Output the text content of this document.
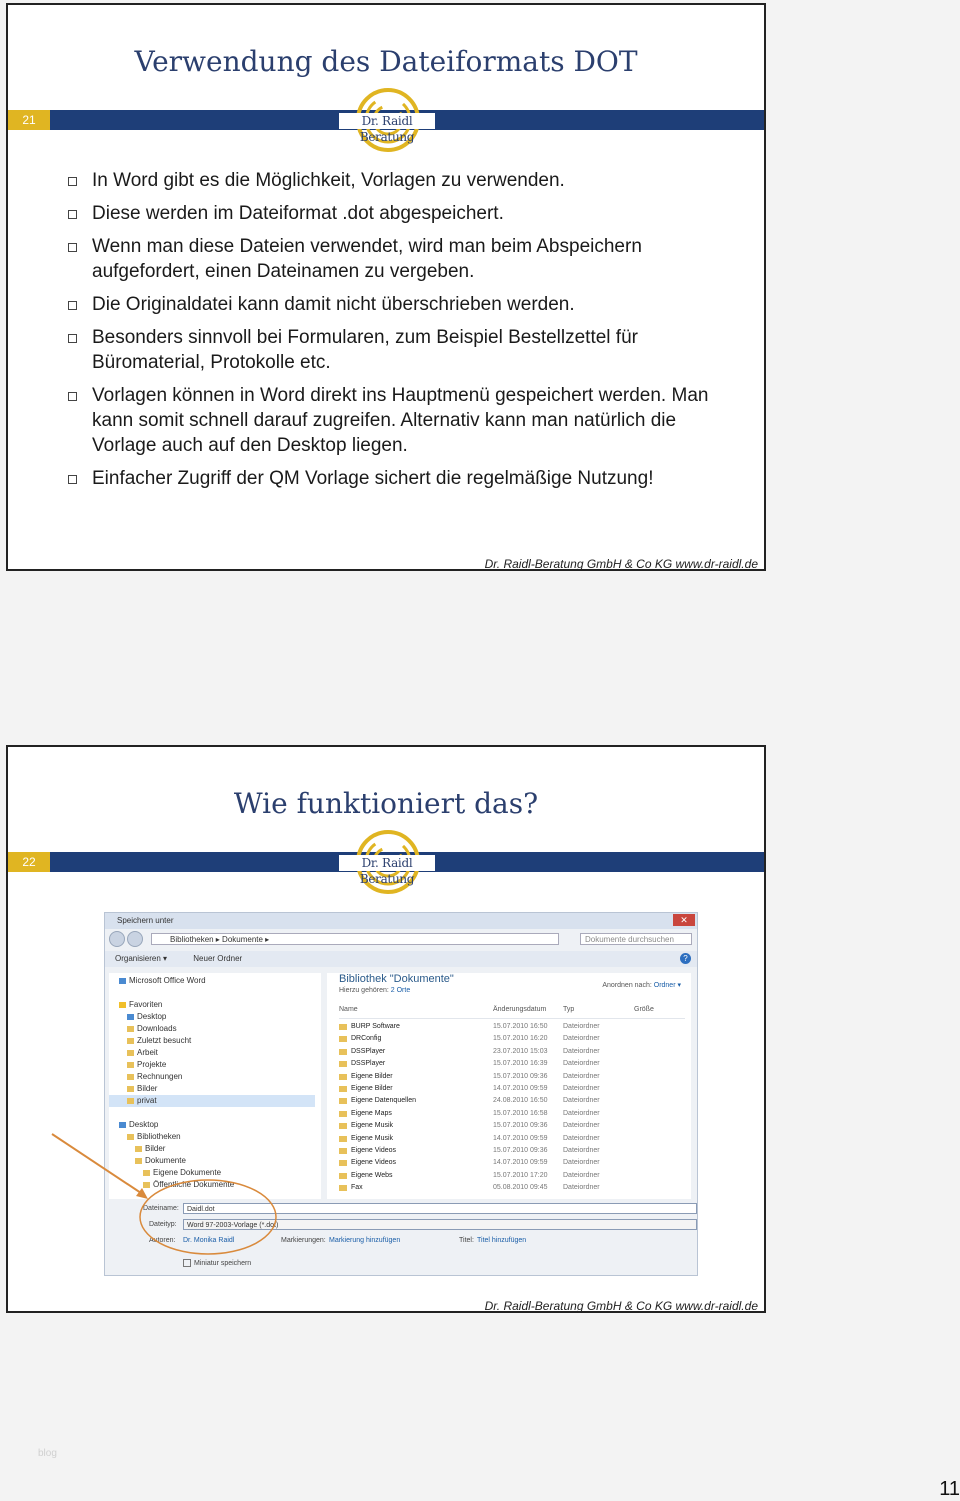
Verwendung des Dateiformats DOT
21	Dr. Raidl Beratung
In Word gibt es die Möglichkeit, Vorlagen zu verwenden.
Diese werden im Dateiformat .dot abgespeichert.
Wenn man diese Dateien verwendet, wird man beim Abspeichern aufgefordert, einen Dateinamen zu vergeben.
Die Originaldatei kann damit nicht überschrieben werden.
Besonders sinnvoll bei Formularen, zum Beispiel Bestellzettel für Büromaterial, Protokolle etc.
Vorlagen können in Word direkt ins Hauptmenü gespeichert werden. Man kann somit schnell darauf zugreifen. Alternativ kann man natürlich die Vorlage auch auf den Desktop liegen.
Einfacher Zugriff der QM Vorlage sichert die regelmäßige Nutzung!
Dr. Raidl-Beratung GmbH & Co KG www.dr-raidl.de
Wie funktioniert das?
22	Dr. Raidl Beratung
Speichern unter	✕
Bibliotheken ▸ Dokumente ▸	Dokumente durchsuchen
Organisieren ▾	Neuer Ordner	?
Microsoft Office Word
Favoriten
Desktop
Downloads
Zuletzt besucht
Arbeit
Projekte
Rechnungen
Bilder
privat
Desktop
Bibliotheken
Bilder
Dokumente
Eigene Dokumente
Öffentliche Dokumente
Bibliothek "Dokumente"
Hierzu gehören: 2 Orte
Anordnen nach: Ordner ▾
Name	Änderungsdatum Typ	Größe
BURP Software	15.07.2010 16:50 Dateiordner
DRConfig	15.07.2010 16:20 Dateiordner
DSSPlayer	23.07.2010 15:03 Dateiordner
DSSPlayer	15.07.2010 16:39 Dateiordner
Eigene Bilder	15.07.2010 09:36 Dateiordner
Eigene Bilder	14.07.2010 09:59 Dateiordner
Eigene Datenquellen	24.08.2010 16:50 Dateiordner
Eigene Maps	15.07.2010 16:58 Dateiordner
Eigene Musik	15.07.2010 09:36 Dateiordner
Eigene Musik	14.07.2010 09:59 Dateiordner
Eigene Videos	15.07.2010 09:36 Dateiordner
Eigene Videos	14.07.2010 09:59 Dateiordner
Eigene Webs	15.07.2010 17:20 Dateiordner
Fax	05.08.2010 09:45 Dateiordner
Dateiname:	Daidl.dot
Dateityp:	Word 97-2003-Vorlage (*.dot)
Autoren: Dr. Monika Raidl	Markierungen: Markierung hinzufügen	Titel: Titel hinzufügen
Miniatur speichern
Dr. Raidl-Beratung GmbH & Co KG www.dr-raidl.de
blog
11
